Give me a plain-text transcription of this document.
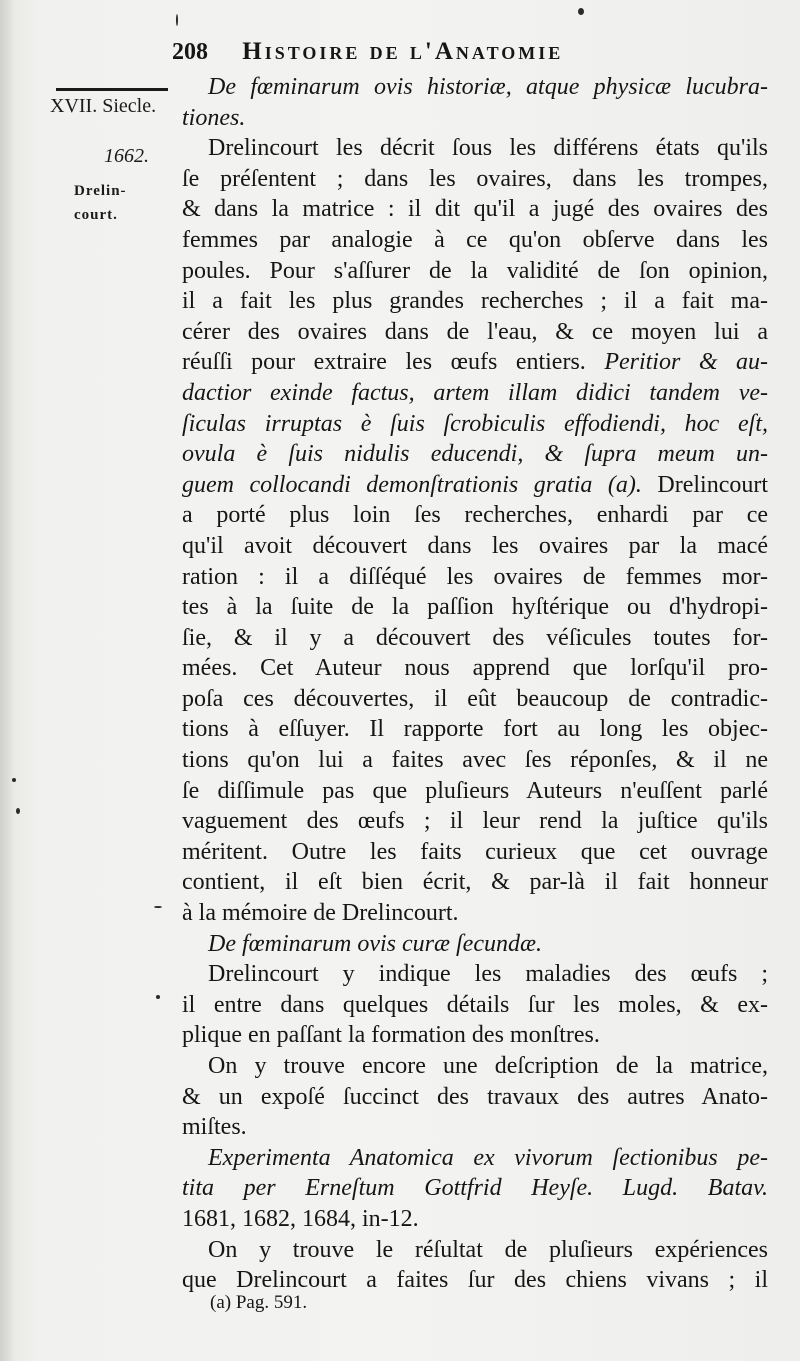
208 Histoire de l'Anatomie
XVII. Siecle.
1662.
Drelin-
court.
De fœminarum ovis historiæ, atque physicæ lucubra-
tiones.
Drelincourt les décrit ſous les différens états qu'ils
ſe préſentent ; dans les ovaires, dans les trompes,
& dans la matrice : il dit qu'il a jugé des ovaires des
femmes par analogie à ce qu'on obſerve dans les
poules. Pour s'aſſurer de la validité de ſon opinion,
il a fait les plus grandes recherches ; il a fait ma-
cérer des ovaires dans de l'eau, & ce moyen lui a
réuſſi pour extraire les œufs entiers. Peritior & au-
dactior exinde factus, artem illam didici tandem ve-
ſiculas irruptas è ſuis ſcrobiculis effodiendi, hoc eſt,
ovula è ſuis nidulis educendi, & ſupra meum un-
guem collocandi demonſtrationis gratia (a). Drelincourt
a porté plus loin ſes recherches, enhardi par ce
qu'il avoit découvert dans les ovaires par la macé
ration : il a diſſéqué les ovaires de femmes mor-
tes à la ſuite de la paſſion hyſtérique ou d'hydropi-
ſie, & il y a découvert des véſicules toutes for-
mées. Cet Auteur nous apprend que lorſqu'il pro-
poſa ces découvertes, il eût beaucoup de contradic-
tions à eſſuyer. Il rapporte fort au long les objec-
tions qu'on lui a faites avec ſes réponſes, & il ne
ſe diſſimule pas que pluſieurs Auteurs n'euſſent parlé
vaguement des œufs ; il leur rend la juſtice qu'ils
méritent. Outre les faits curieux que cet ouvrage
contient, il eſt bien écrit, & par-là il fait honneur
à la mémoire de Drelincourt.
De fœminarum ovis curæ ſecundæ.
Drelincourt y indique les maladies des œufs ;
il entre dans quelques détails ſur les moles, & ex-
plique en paſſant la formation des monſtres.
On y trouve encore une deſcription de la matrice,
& un expoſé ſuccinct des travaux des autres Anato-
miſtes.
Experimenta Anatomica ex vivorum ſectionibus pe-
tita per Erneſtum Gottfrid Heyſe. Lugd. Batav.
1681, 1682, 1684, in-12.
On y trouve le réſultat de pluſieurs expériences
que Drelincourt a faites ſur des chiens vivans ; il
(a) Pag. 591.
